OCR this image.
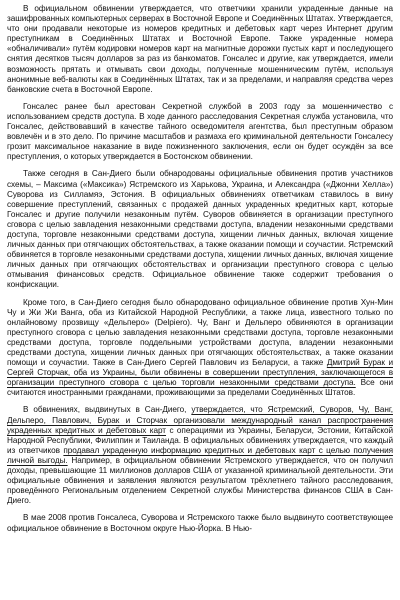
В официальном обвинении утверждается, что ответчики хранили украденные данные на зашифрованных компьютерных серверах в Восточной Европе и Соединённых Штатах. Утверждается, что они продавали некоторые из номеров кредитных и дебетовых карт через Интернет другим преступникам в Соединённых Штатах и Восточной Европе. Также украденные номера «обналичивали» путём кодировки номеров карт на магнитные дорожки пустых карт и последующего снятия десятков тысяч долларов за раз из банкоматов. Гонсалес и другие, как утверждается, имели возможность прятать и отмывать свои доходы, полученные мошенническим путём, используя анонимные веб-валюты как в Соединённых Штатах, так и за пределами, и направляя средства через банковские счета в Восточной Европе.

Гонсалес ранее был арестован Секретной службой в 2003 году за мошенничество с использованием средств доступа. В ходе данного расследования Секретная служба установила, что Гонсалес, действовавший в качестве тайного осведомителя агентства, был преступным образом вовлечён и в это дело. По причине масштабов и размаха его криминальной деятельности Гонсалесу грозит максимальное наказание в виде пожизненного заключения, если он будет осуждён за все преступления, о которых утверждается в Бостонском обвинении.

Также сегодня в Сан-Диего были обнародованы официальные обвинения против участников схемы, – Максима («Максика») Ястремского из Харькова, Украина, и Александра («Джонни Хелла») Суворова из Силламяэ, Эстония. В официальных обвинениях ответчикам ставилось в вину совершение преступлений, связанных с продажей данных украденных кредитных карт, которые Гонсалес и другие получили незаконным путём. Суворов обвиняется в организации преступного сговора с целью завладения незаконными средствами доступа, владении незаконными средствами доступа, торговле незаконными средствами доступа, хищении личных данных, включая хищение личных данных при отягчающих обстоятельствах, а также оказании помощи и соучастии. Ястремский обвиняется в торговле незаконными средствами доступа, хищении личных данных, включая хищение личных данных при отягчающих обстоятельствах и организации преступного сговора с целью отмывания финансовых средств. Официальное обвинение также содержит требования о конфискации.

Кроме того, в Сан-Диего сегодня было обнародовано официальное обвинение против Хун-Мин Чу и Жи Жи Ванга, оба из Китайской Народной Республики, а также лица, известного только по онлайновому прозвищу «Дельперо» (Delpiero). Чу, Ванг и Дельперо обвиняются в организации преступного сговора с целью завладения незаконными средствами доступа, торговле незаконными средствами доступа, торговле поддельными устройствами доступа, владении незаконными средствами доступа, хищении личных данных при отягчающих обстоятельствах, а также оказании помощи и соучастии. Также в Сан-Диего Сергей Павлович из Беларуси, а также Дмитрий Бурак и Сергей Сторчак, оба из Украины, были обвинены в совершении преступления, заключающегося в организации преступного сговора с целью торговли незаконными средствами доступа. Все они считаются иностранными гражданами, проживающими за пределами Соединённых Штатов.

В обвинениях, выдвинутых в Сан-Диего, утверждается, что Ястремский, Суворов, Чу, Ванг, Дельперо, Павлович, Бурак и Сторчак организовали международный канал распространения украденных кредитных и дебетовых карт с операциями из Украины, Беларуси, Эстонии, Китайской Народной Республики, Филиппин и Таиланда. В официальных обвинениях утверждается, что каждый из ответчиков продавал украденную информацию кредитных и дебетовых карт с целью получения личной выгоды. Например, в официальном обвинении Ястремского утверждается, что он получил доходы, превышающие 11 миллионов долларов США от указанной криминальной деятельности. Эти официальные обвинения и заявления являются результатом трёхлетнего тайного расследования, проведённого Региональным отделением Секретной службы Министерства финансов США в Сан-Диего.

В мае 2008 против Гонсалеса, Суворова и Ястремского также было выдвинуто соответствующее официальное обвинение в Восточном округе Нью-Йорка. В Нью-
